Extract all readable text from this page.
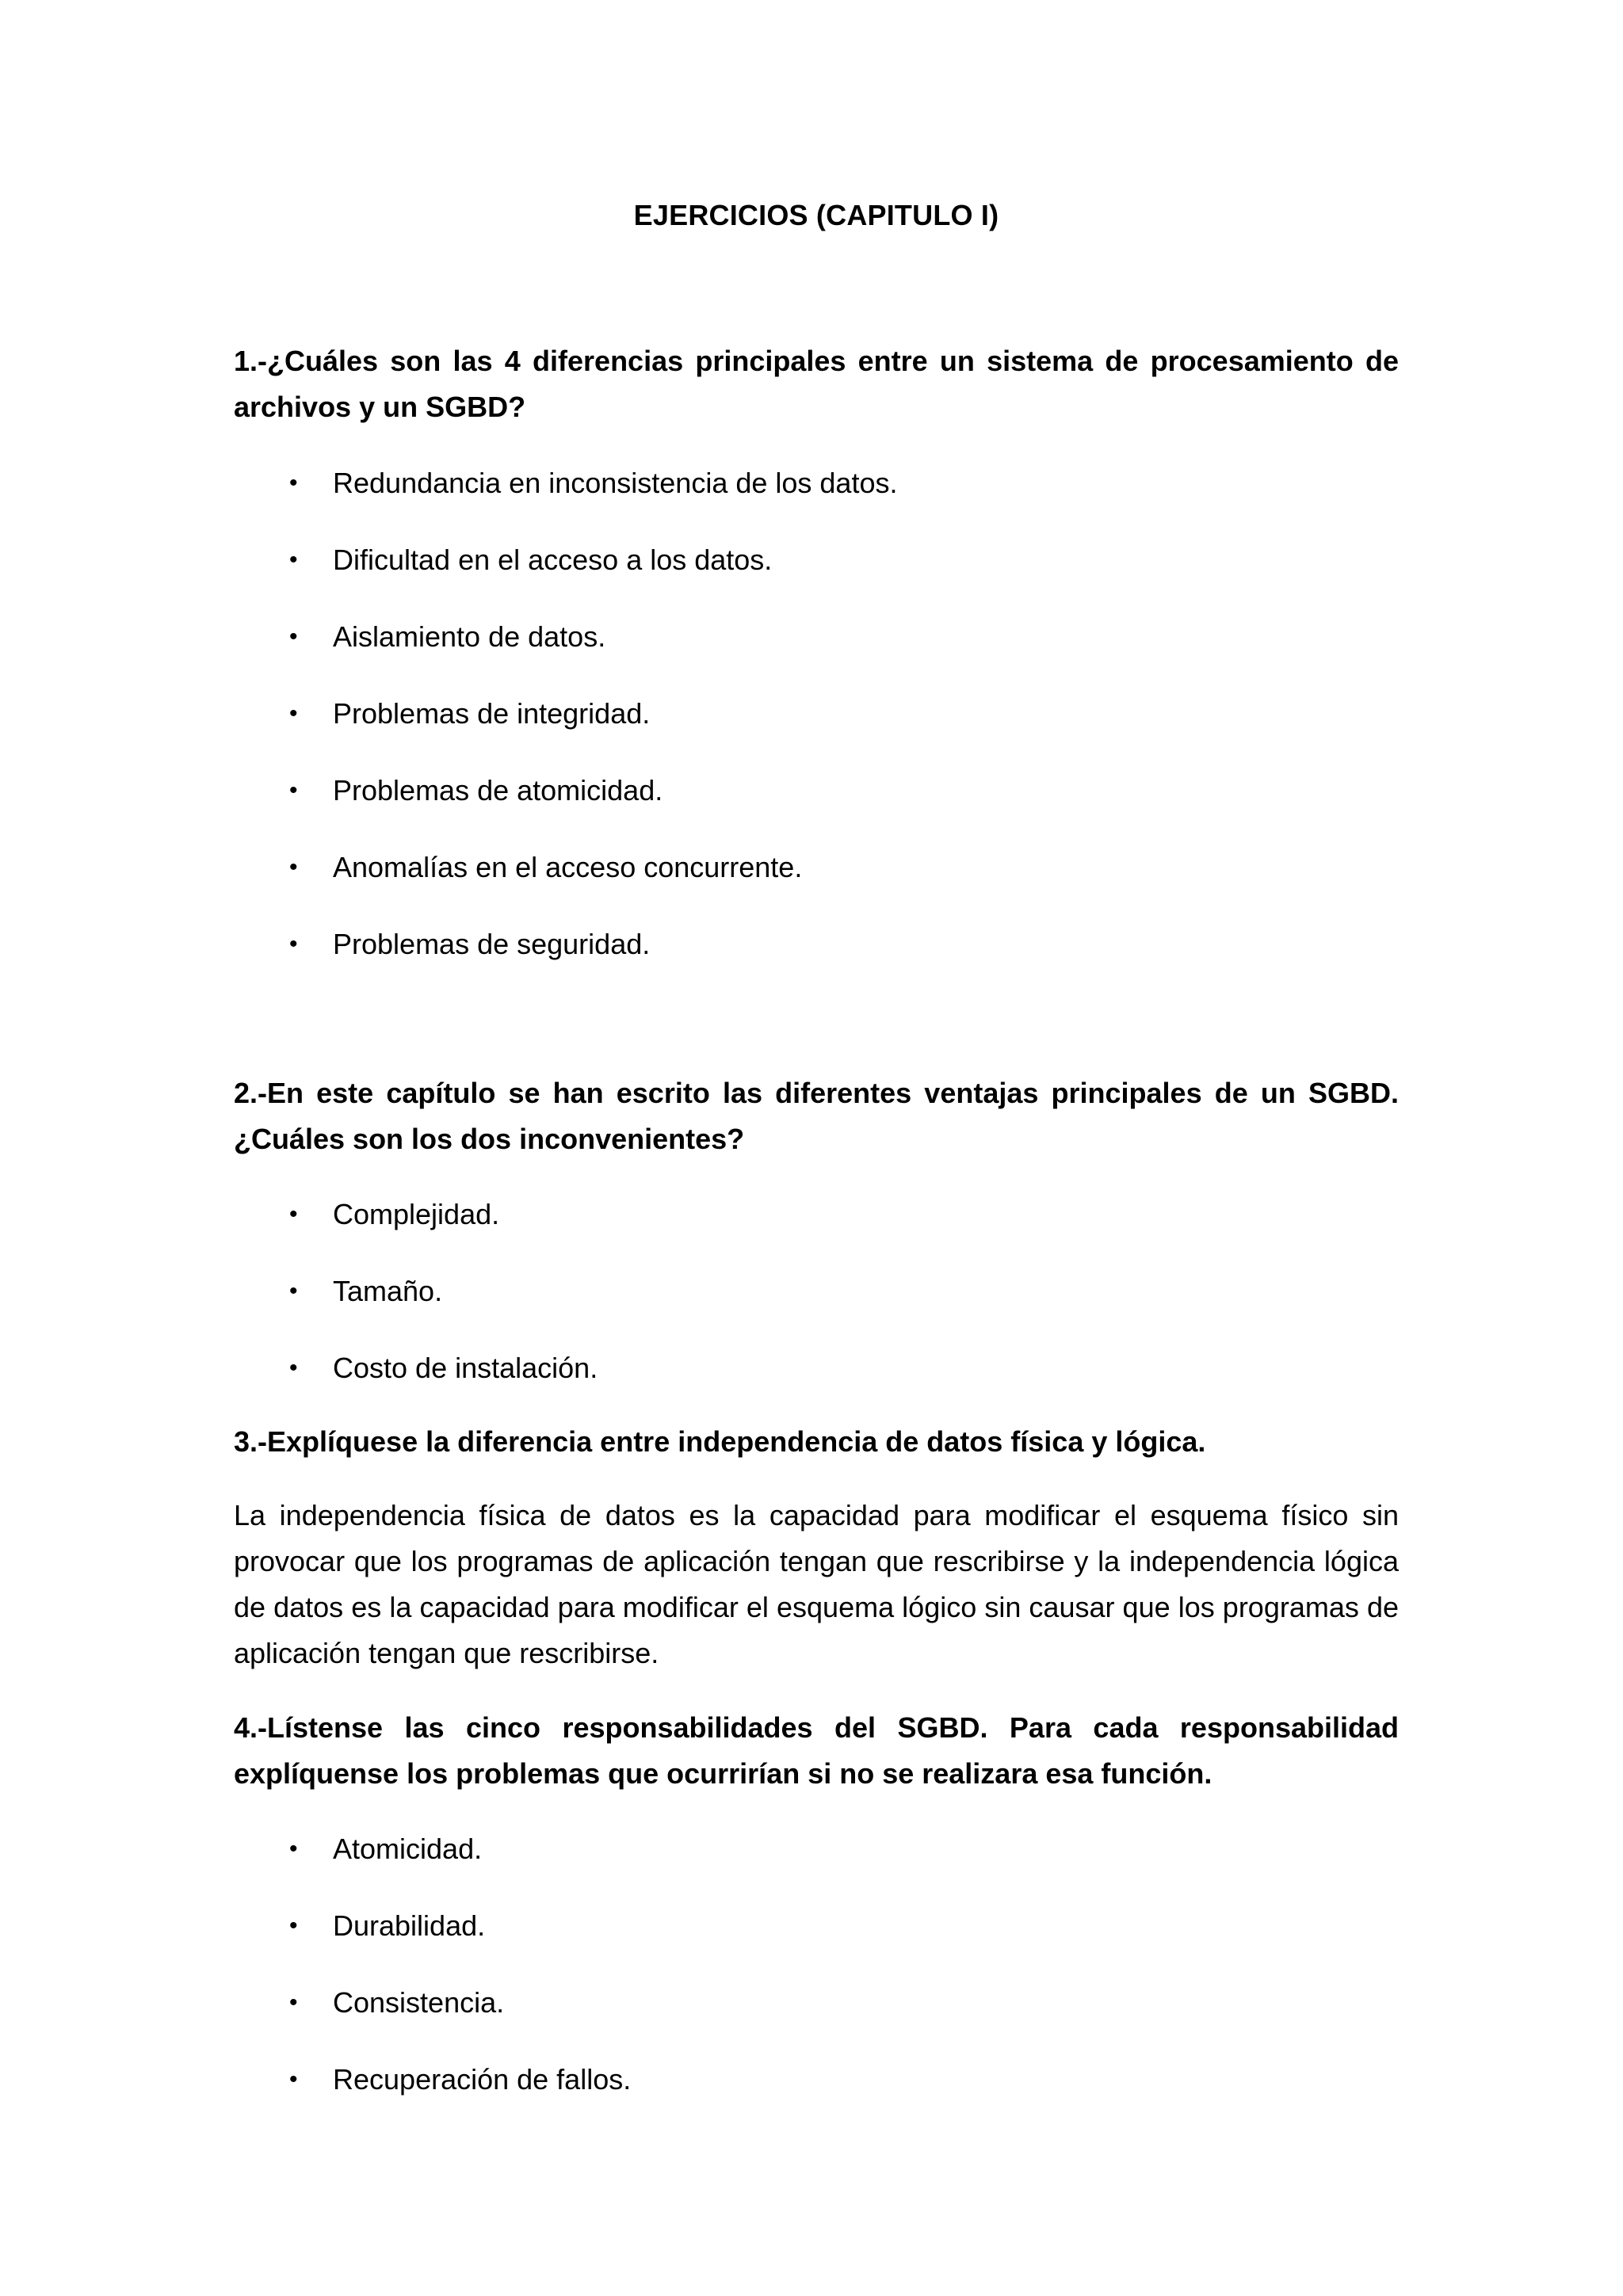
EJERCICIOS (CAPITULO I)
1.-¿Cuáles son las 4 diferencias principales entre un sistema de procesamiento de archivos y un SGBD?
•	Redundancia en inconsistencia de los datos.
•	Dificultad en el acceso a los datos.
•	Aislamiento de datos.
•	Problemas de integridad.
•	Problemas de atomicidad.
•	Anomalías en el acceso concurrente.
•	Problemas de seguridad.
2.-En este capítulo se han escrito las diferentes ventajas principales de un SGBD. ¿Cuáles son los dos inconvenientes?
•	Complejidad.
•	Tamaño.
•	Costo de instalación.
3.-Explíquese la diferencia entre independencia de datos física y lógica.
La independencia física de datos es la capacidad para modificar el esquema físico sin provocar que los programas de aplicación tengan que rescribirse y la independencia lógica de datos es la capacidad para modificar el esquema lógico sin causar que los programas de aplicación tengan que rescribirse.
4.-Lístense las cinco responsabilidades del SGBD. Para cada responsabilidad explíquense los problemas que ocurrirían si no se realizara esa función.
•	Atomicidad.
•	Durabilidad.
•	Consistencia.
•	Recuperación de fallos.
